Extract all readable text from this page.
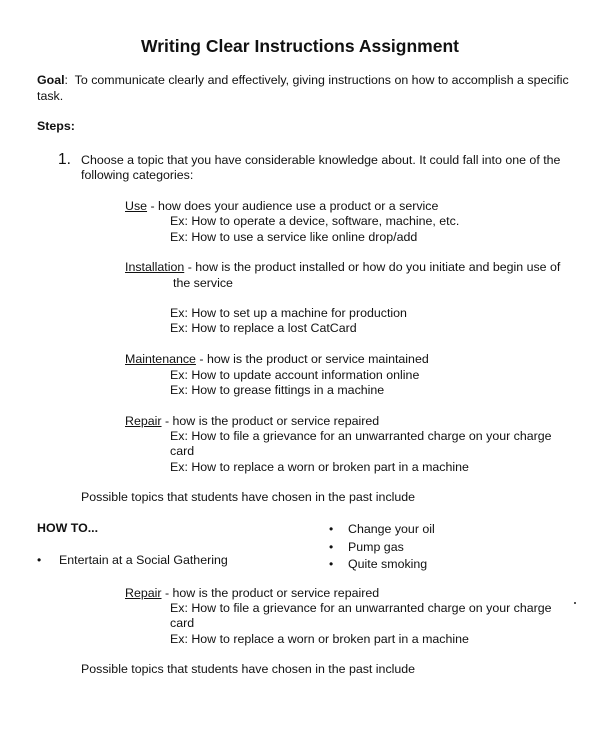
Writing Clear Instructions Assignment
Goal: To communicate clearly and effectively, giving instructions on how to accomplish a specific
task.
Steps:
1. Choose a topic that you have considerable knowledge about. It could fall into one of the
following categories:
Use - how does your audience use a product or a service
Ex: How to operate a device, software, machine, etc.
Ex: How to use a service like online drop/add
Installation - how is the product installed or how do you initiate and begin use of
the service
Ex: How to set up a machine for production
Ex: How to replace a lost CatCard
Maintenance - how is the product or service maintained
Ex: How to update account information online
Ex: How to grease fittings in a machine
Repair - how is the product or service repaired
Ex: How to file a grievance for an unwarranted charge on your charge
card
Ex: How to replace a worn or broken part in a machine
Possible topics that students have chosen in the past include
HOW TO...	• Change your oil
• Pump gas
• Quite smoking
• Entertain at a Social Gathering
Repair - how is the product or service repaired
Ex: How to file a grievance for an unwarranted charge on your charge
card
Ex: How to replace a worn or broken part in a machine
Possible topics that students have chosen in the past include
